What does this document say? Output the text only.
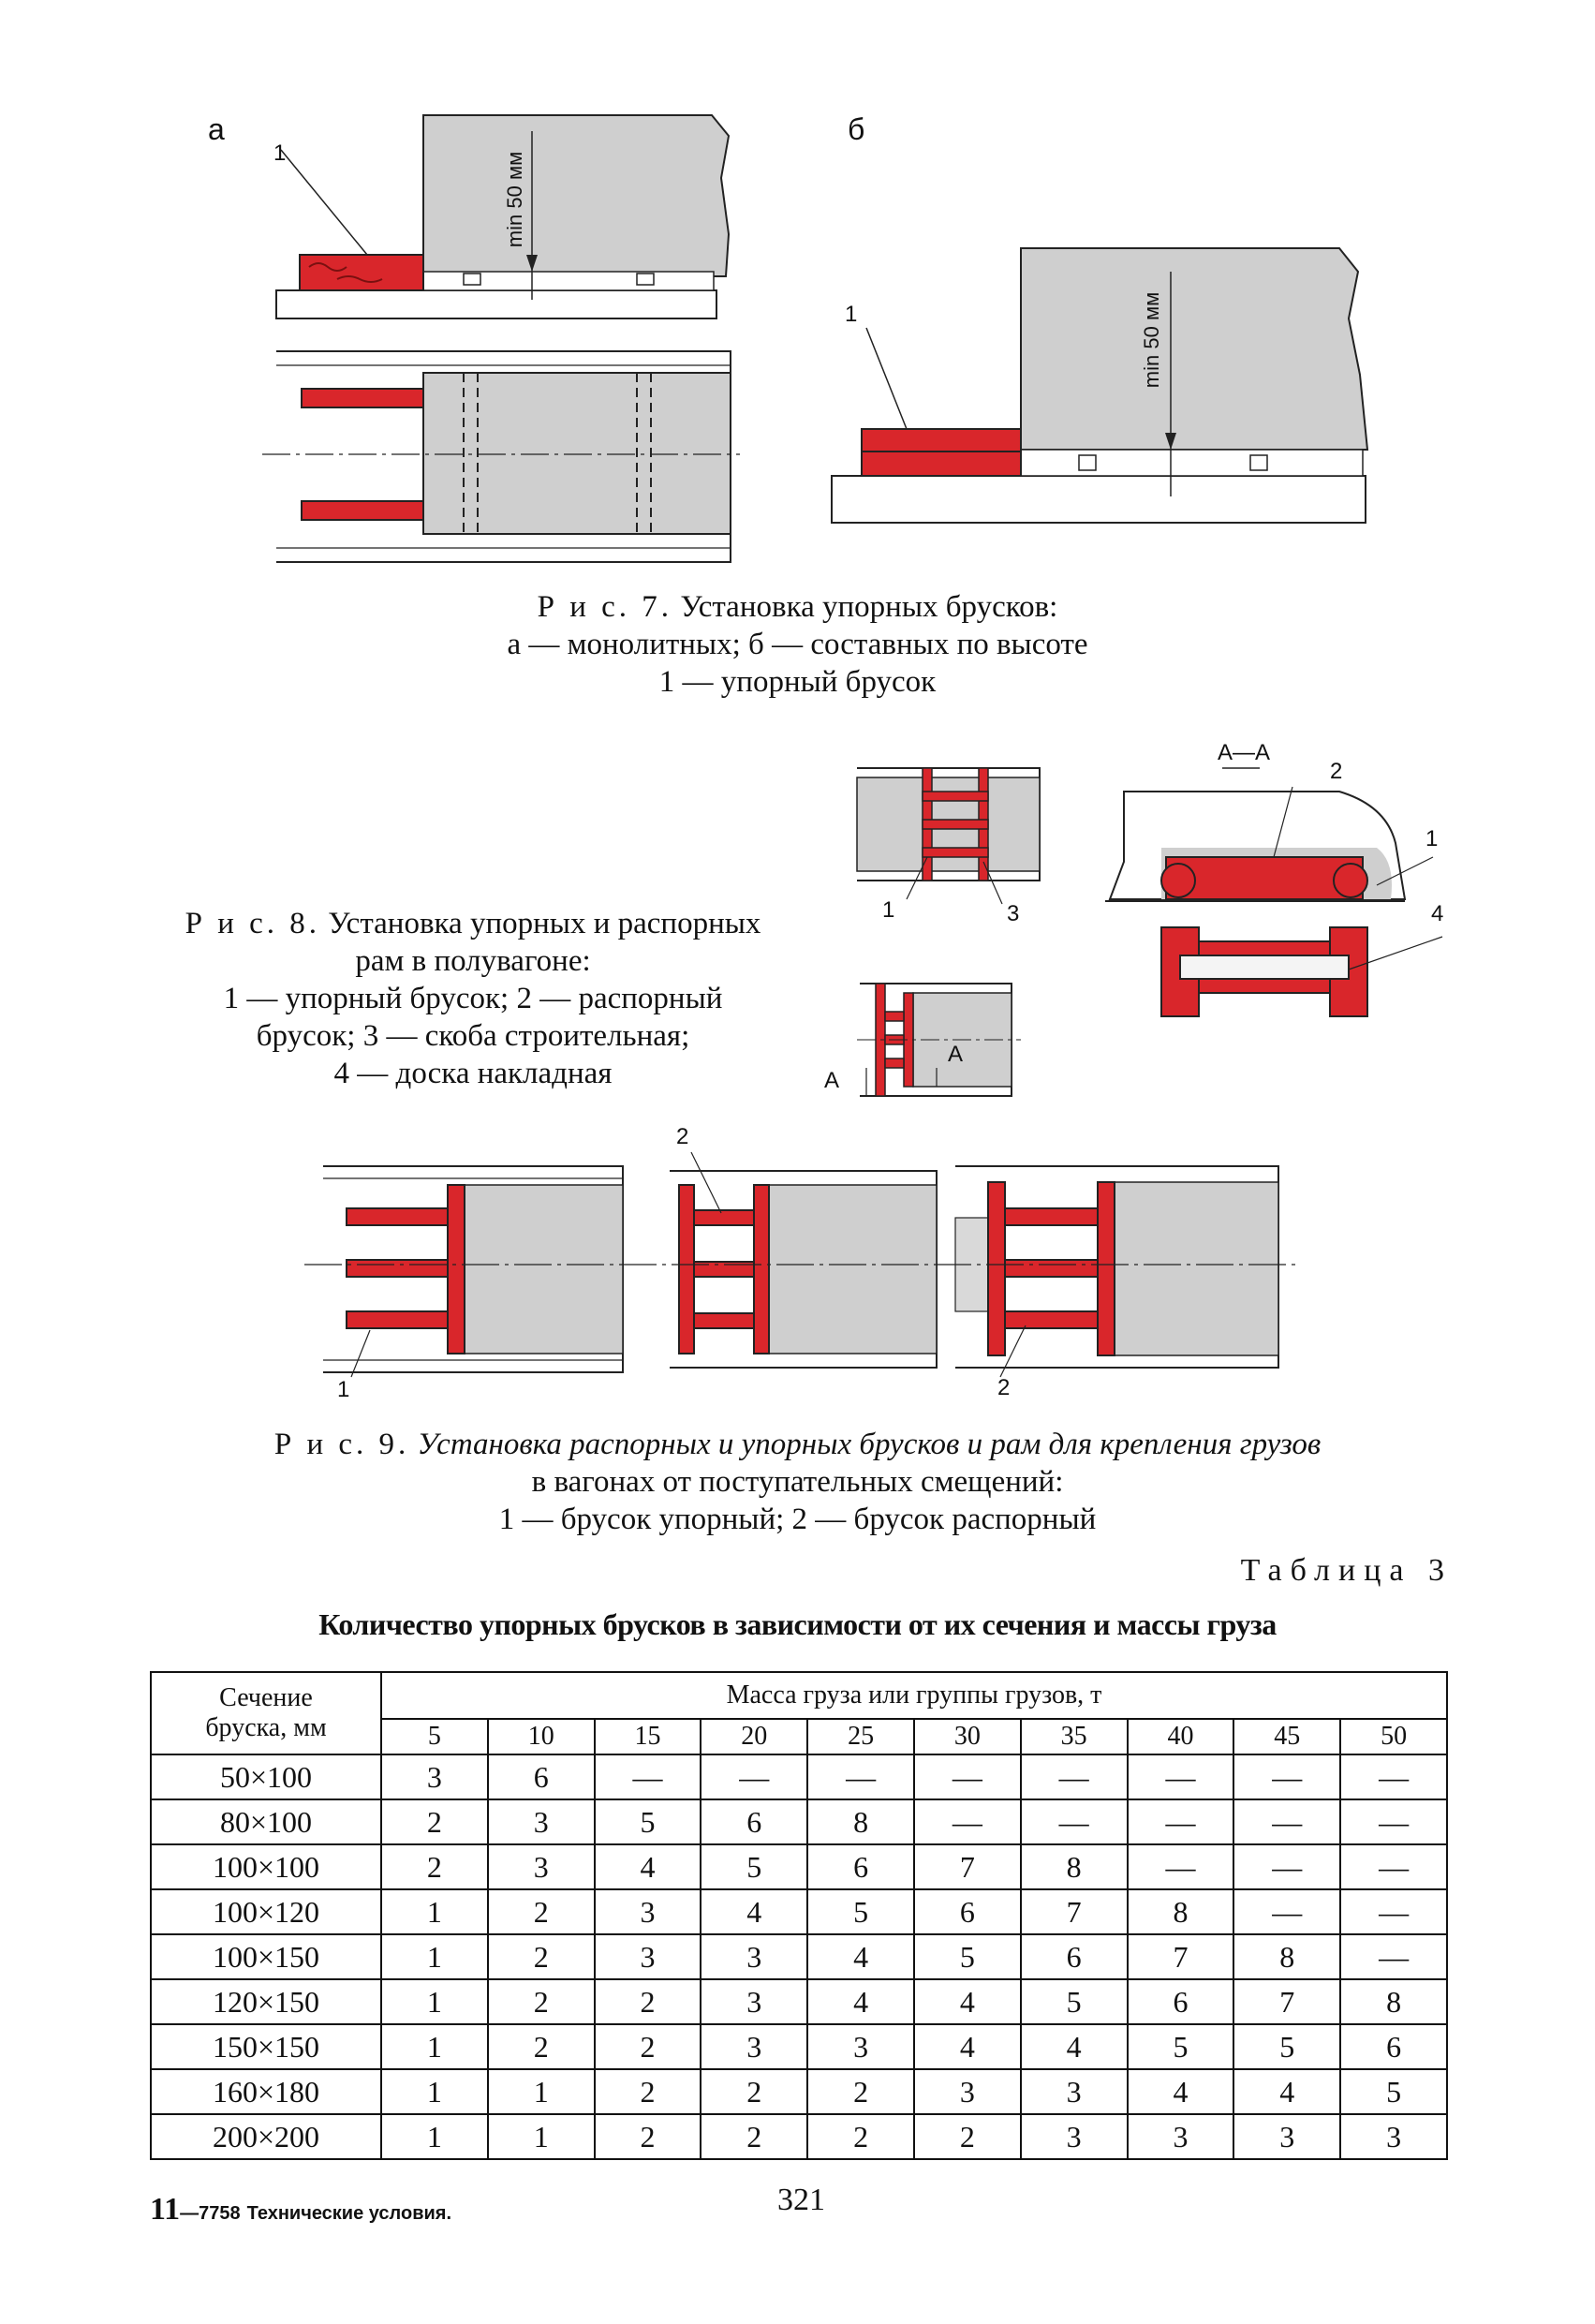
а	б
1
1
min 50 мм
min 50 мм
Р и с. 7. Установка упорных брусков:
а — монолитных; б — составных по высоте
1 — упорный брусок
А—А
2
1
4
1	3
А
А
Р и с. 8. Установка упорных и распорных
рам в полувагоне:
1 — упорный брусок; 2 — распорный
брусок; 3 — скоба строительная;
4 — доска накладная
1
2
2
Р и с. 9. Установка распорных и упорных брусков и рам для крепления грузов
в вагонах от поступательных смещений:
1 — брусок упорный; 2 — брусок распорный
Таблица 3
Количество упорных брусков в зависимости от их сечения и массы груза
Сечение
бруска, мм	Масса груза или группы грузов, т									
	5	10	15	20	25	30	35	40	45	50
50×100	3	6	—	—	—	—	—	—	—	—
80×100	2	3	5	6	8	—	—	—	—	—
100×100	2	3	4	5	6	7	8	—	—	—
100×120	1	2	3	4	5	6	7	8	—	—
100×150	1	2	3	3	4	5	6	7	8	—
120×150	1	2	2	3	4	4	5	6	7	8
150×150	1	2	2	3	3	4	4	5	5	6
160×180	1	1	2	2	2	3	3	4	4	5
200×200	1	1	2	2	2	2	3	3	3	3
11—7758 Технические условия.	321
